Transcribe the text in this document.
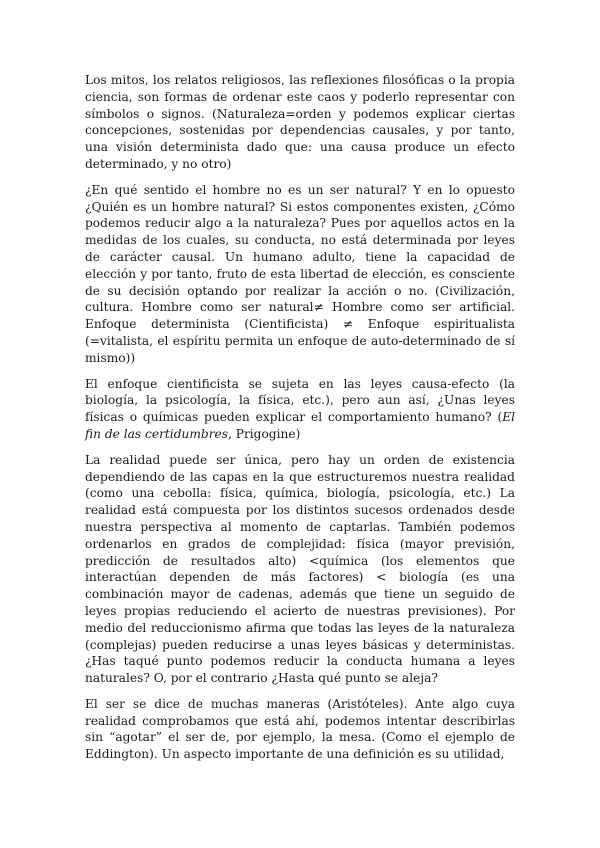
Los mitos, los relatos religiosos, las reflexiones filosóficas o la propia ciencia, son formas de ordenar este caos y poderlo representar con símbolos o signos. (Naturaleza=orden y podemos explicar ciertas concepciones, sostenidas por dependencias causales, y por tanto, una visión determinista dado que: una causa produce un efecto determinado, y no otro)

¿En qué sentido el hombre no es un ser natural? Y en lo opuesto ¿Quién es un hombre natural? Si estos componentes existen, ¿Cómo podemos reducir algo a la naturaleza? Pues por aquellos actos en la medidas de los cuales, su conducta, no está determinada por leyes de carácter causal. Un humano adulto, tiene la capacidad de elección y por tanto, fruto de esta libertad de elección, es consciente de su decisión optando por realizar la acción o no. (Civilización, cultura. Hombre como ser natural≠ Hombre como ser artificial. Enfoque determinista (Cientificista) ≠ Enfoque espiritualista (=vitalista, el espíritu permita un enfoque de auto-determinado de sí mismo))

El enfoque cientificista se sujeta en las leyes causa-efecto (la biología, la psicología, la física, etc.), pero aun así, ¿Unas leyes físicas o químicas pueden explicar el comportamiento humano? (El fin de las certidumbres, Prigogine)

La realidad puede ser única, pero hay un orden de existencia dependiendo de las capas en la que estructuremos nuestra realidad (como una cebolla: física, química, biología, psicología, etc.) La realidad está compuesta por los distintos sucesos ordenados desde nuestra perspectiva al momento de captarlas. También podemos ordenarlos en grados de complejidad: física (mayor previsión, predicción de resultados alto) <química (los elementos que interactúan dependen de más factores) < biología (es una combinación mayor de cadenas, además que tiene un seguido de leyes propias reduciendo el acierto de nuestras previsiones). Por medio del reduccionismo afirma que todas las leyes de la naturaleza (complejas) pueden reducirse a unas leyes básicas y deterministas. ¿Has taqué punto podemos reducir la conducta humana a leyes naturales? O, por el contrario ¿Hasta qué punto se aleja?

El ser se dice de muchas maneras (Aristóteles). Ante algo cuya realidad comprobamos que está ahí, podemos intentar describirlas sin “agotar” el ser de, por ejemplo, la mesa. (Como el ejemplo de Eddington). Un aspecto importante de una definición es su utilidad,
